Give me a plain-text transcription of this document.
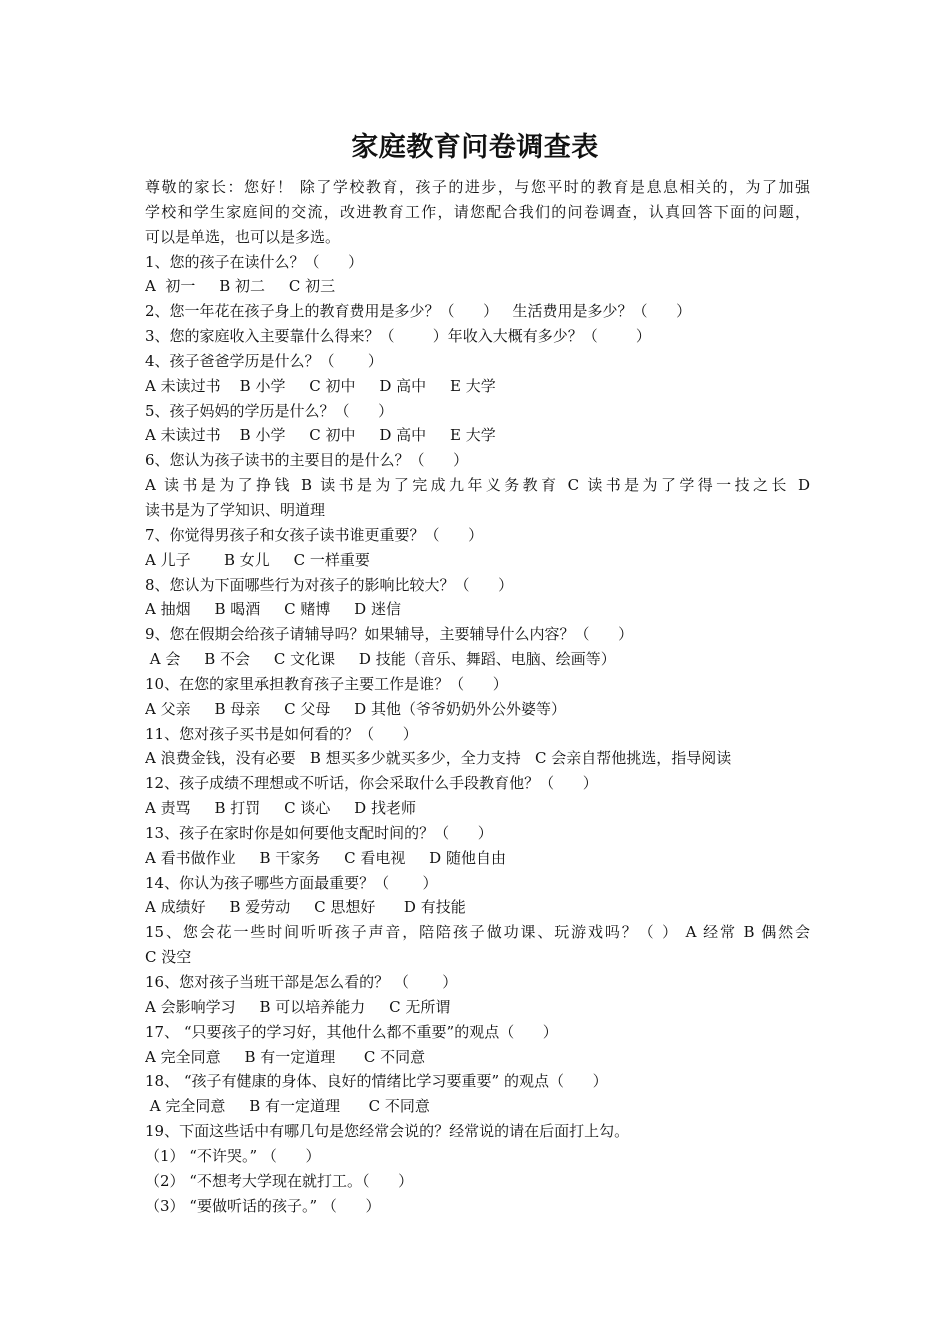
家庭教育问卷调查表
尊敬的家长：您好！ 除了学校教育，孩子的进步，与您平时的教育是息息相关的，为了加强
学校和学生家庭间的交流，改进教育工作，请您配合我们的问卷调查，认真回答下面的问题，
可以是单选，也可以是多选。
1、您的孩子在读什么？（      ）
A  初一     B 初二     C 初三
2、您一年花在孩子身上的教育费用是多少？（      ）   生活费用是多少？（      ）
3、您的家庭收入主要靠什么得来？（        ）年收入大概有多少？（        ）
4、孩子爸爸学历是什么？（       ）
A 未读过书    B 小学     C 初中     D 高中     E 大学
5、孩子妈妈的学历是什么？（      ）
A 未读过书    B 小学     C 初中     D 高中     E 大学
6、您认为孩子读书的主要目的是什么？（      ）
A 读书是为了挣钱 B 读书是为了完成九年义务教育 C 读书是为了学得一技之长 D
读书是为了学知识、明道理
7、你觉得男孩子和女孩子读书谁更重要？（      ）
A 儿子       B 女儿     C 一样重要
8、您认为下面哪些行为对孩子的影响比较大？（      ）
A 抽烟     B 喝酒     C 赌博     D 迷信
9、您在假期会给孩子请辅导吗？如果辅导，主要辅导什么内容？（      ）
A 会     B 不会     C 文化课     D 技能（音乐、舞蹈、电脑、绘画等）
10、在您的家里承担教育孩子主要工作是谁？（      ）
A 父亲     B 母亲     C 父母     D 其他（爷爷奶奶外公外婆等）
11、您对孩子买书是如何看的？（      ）
A 浪费金钱，没有必要   B 想买多少就买多少，全力支持   C 会亲自帮他挑选，指导阅读
12、孩子成绩不理想或不听话，你会采取什么手段教育他？（      ）
A 责骂     B 打罚     C 谈心     D 找老师
13、孩子在家时你是如何要他支配时间的？（      ）
A 看书做作业     B 干家务     C 看电视     D 随他自由
14、你认为孩子哪些方面最重要？（       ）
A 成绩好     B 爱劳动     C 思想好      D 有技能
15、您会花一些时间听听孩子声音，陪陪孩子做功课、玩游戏吗？（ ） A 经常 B 偶然会
C 没空
16、您对孩子当班干部是怎么看的？ （       ）
A 会影响学习     B 可以培养能力     C 无所谓
17、 “只要孩子的学习好，其他什么都不重要”的观点（      ）
A 完全同意     B 有一定道理      C 不同意
18、 “孩子有健康的身体、良好的情绪比学习要重要” 的观点（      ）
A 完全同意     B 有一定道理      C 不同意
19、下面这些话中有哪几句是您经常会说的？经常说的请在后面打上勾。
（1） “不许哭。” （      ）
（2） “不想考大学现在就打工。（      ）
（3） “要做听话的孩子。” （      ）
